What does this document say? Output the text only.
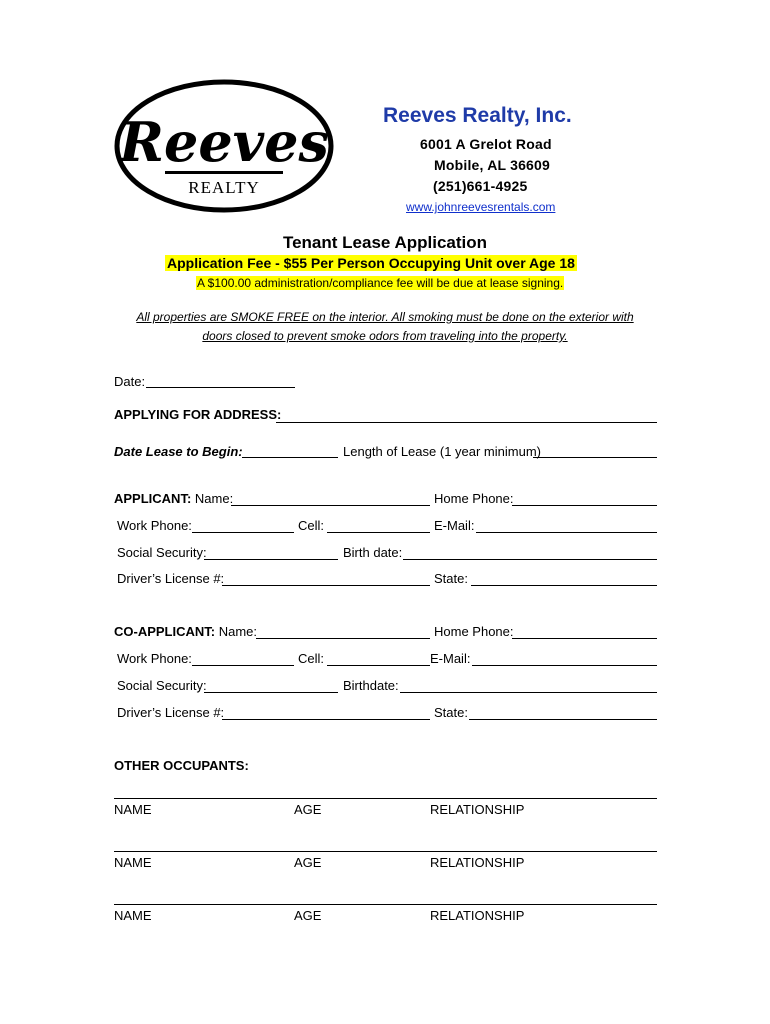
Reeves
REALTY
Reeves Realty, Inc.
6001 A Grelot Road
Mobile, AL 36609
(251)661-4925
www.johnreevesrentals.com
Tenant Lease Application
Application Fee - $55 Per Person Occupying Unit over Age 18
A $100.00 administration/compliance fee will be due at lease signing.
All properties are SMOKE FREE on the interior. All smoking must be done on the exterior with
doors closed to prevent smoke odors from traveling into the property.
Date:
APPLYING FOR ADDRESS:
Date Lease to Begin:	Length of Lease (1 year minimum)
APPLICANT: Name:	Home Phone:
Work Phone:	Cell:	E-Mail:
Social Security:	Birth date:
Driver’s License #:	State:
CO-APPLICANT: Name:	Home Phone:
Work Phone:	Cell:	E-Mail:
Social Security:	Birthdate:
Driver’s License #:	State:
OTHER OCCUPANTS:
NAME	AGE	RELATIONSHIP
NAME	AGE	RELATIONSHIP
NAME	AGE	RELATIONSHIP
